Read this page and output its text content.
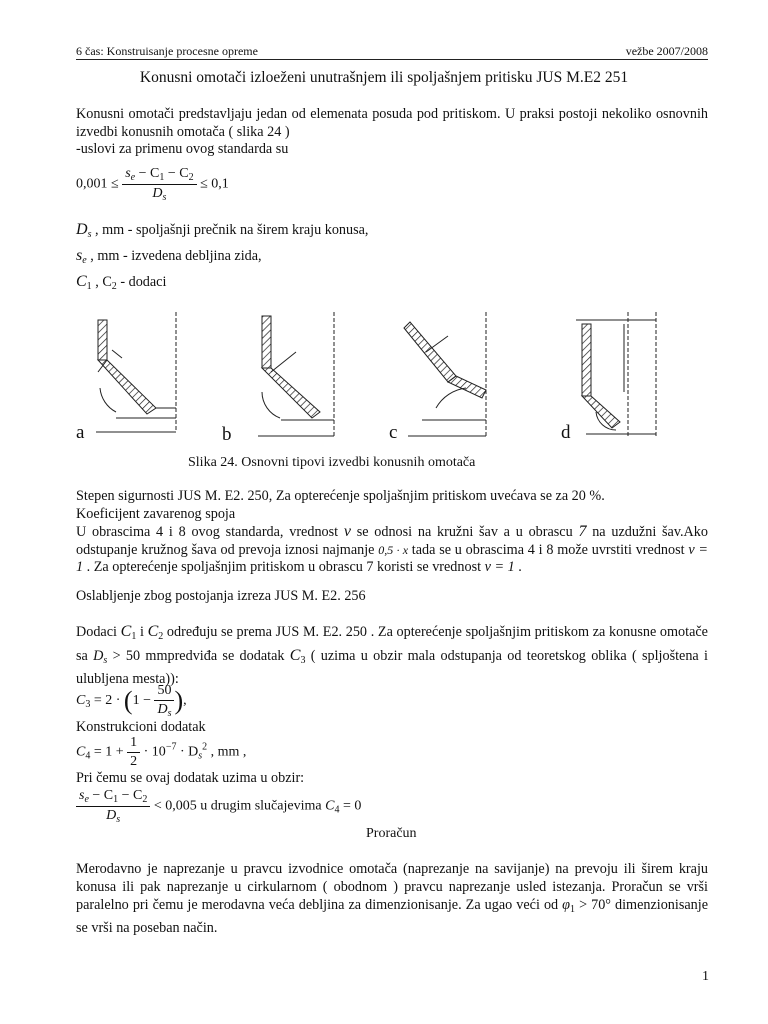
6 čas: Konstruisanje procesne opreme	vežbe 2007/2008
Konusni omotači izloeženi unutrašnjem ili spoljašnjem pritisku JUS M.E2 251
Konusni omotači predstavljaju jedan od elemenata posuda pod pritiskom. U praksi postoji nekoliko osnovnih izvedbi konusnih omotača ( slika 24 )
-uslovi za primenu ovog standarda su
$0,001 \le \frac{s_e - C_1 - C_2}{D_s} \le 0,1$
$D_s$ , mm - spoljašnji prečnik na širem kraju konusa,
$s_e$ , mm - izvedena debljina zida,
$C_1$ , $C_2$ - dodaci
a	b	c	d
Slika 24. Osnovni tipovi izvedbi konusnih omotača
Stepen sigurnosti JUS M. E2. 250, Za opterećenje spoljašnjim pritiskom uvećava se za 20 %.
Koeficijent zavarenog spoja
U obrascima 4 i 8 ovog standarda, vrednost ν se odnosi na kružni šav a u obrascu 7 na uzdužni šav.Ako odstupanje kružnog šava od prevoja iznosi najmanje 0,5 · x tada se u obrascima 4 i 8 može uvrstiti vrednost ν = 1 . Za opterećenje spoljašnjim pritiskom u obrascu 7 koristi se vrednost ν = 1 .
Oslabljenje zbog postojanja izreza JUS M. E2. 256
Dodaci $C_1$ i $C_2$ određuju se prema JUS M. E2. 250 . Za opterećenje spoljašnjim pritiskom za konusne omotače sa $D_s > 50$ mmpredviđa se dodatak $C_3$ ( uzima u obzir mala odstupanja od teoretskog oblika ( spljoštena i ulubljena mesta)):
$C_3 = 2 \cdot (1 - \frac{50}{D_s}$ ),
Konstrukcioni dodatak
$C_4 = 1 + \frac{1}{2} \cdot 10^{-7} \cdot D_s^2$ , mm ,
Pri čemu se ovaj dodatak uzima u obzir:
$\frac{s_e - C_1 - C_2}{D_s} < 0,005$ u drugim slučajevima $C_4 = 0$
Proračun
Merodavno je naprezanje u pravcu izvodnice omotača (naprezanje na savijanje) na prevoju ili širem kraju konusa ili pak naprezanje u cirkularnom ( obodnom ) pravcu naprezanje usled istezanja. Proračun se vrši paralelno pri čemu je merodavna veća debljina za dimenzionisanje. Za ugao veći od $\varphi_1 > 70^\circ$ dimenzionisanje se vrši na poseban način.
1
